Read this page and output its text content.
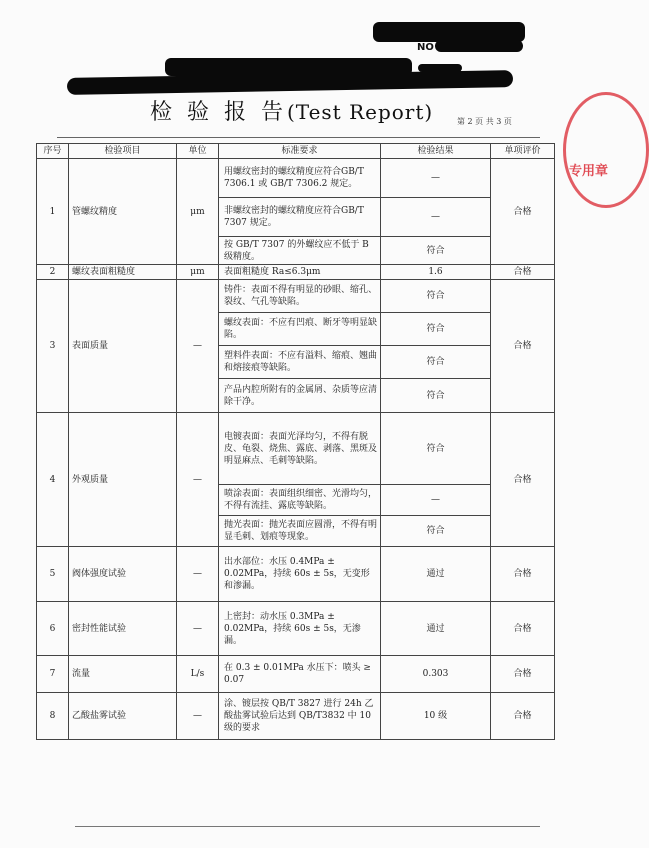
NO
检 验 报 告(Test Report)	第 2 页 共 3 页
专用章
序号	检验项目	单位	标准要求	检验结果	单项评价
1	管螺纹精度	μm	用螺纹密封的螺纹精度应符合GB/T 7306.1 或 GB/T 7306.2 规定。	—	合格
			非螺纹密封的螺纹精度应符合GB/T 7307 规定。	—	
			按 GB/T 7307 的外螺纹应不低于 B 级精度。	符合	
2	螺纹表面粗糙度	μm	表面粗糙度 Ra≤6.3μm	1.6	合格
3	表面质量	—	铸件：表面不得有明显的砂眼、缩孔、裂纹、气孔等缺陷。	符合	合格
			螺纹表面：不应有凹痕、断牙等明显缺陷。	符合	
			塑料件表面：不应有溢料、缩痕、翘曲和熔接痕等缺陷。	符合	
			产品内腔所附有的金属屑、杂质等应清除干净。	符合	
4	外观质量	—	电镀表面：表面光泽均匀，不得有脱皮、龟裂、烧焦、露底、剥落、黑斑及明显麻点、毛刺等缺陷。	符合	合格
			喷涂表面：表面组织细密、光滑均匀，不得有流挂、露底等缺陷。	—	
			抛光表面：抛光表面应圆滑，不得有明显毛刺、划痕等现象。	符合	
5	阀体强度试验	—	出水部位：水压 0.4MPa ± 0.02MPa，持续 60s ± 5s，无变形和渗漏。	通过	合格
6	密封性能试验	—	上密封：动水压 0.3MPa ± 0.02MPa，持续 60s ± 5s，无渗漏。	通过	合格
7	流量	L/s	在 0.3 ± 0.01MPa 水压下：喷头 ≥ 0.07	0.303	合格
8	乙酸盐雾试验	—	涂、镀层按 QB/T 3827 进行 24h 乙酸盐雾试验后达到 QB/T3832 中 10 级的要求	10 级	合格
